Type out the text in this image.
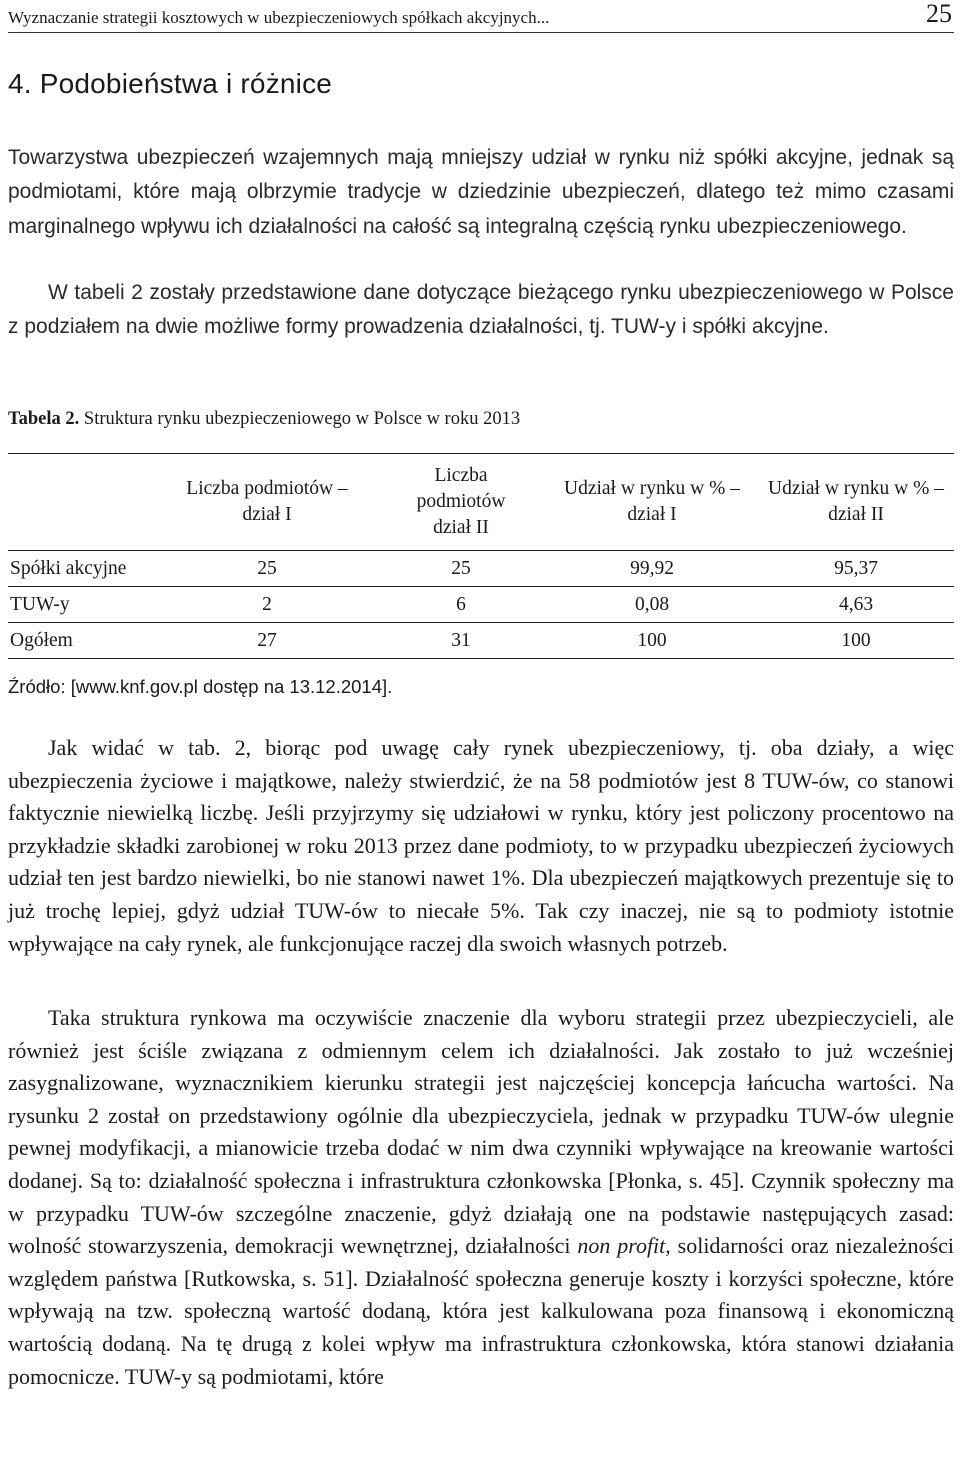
Wyznaczanie strategii kosztowych w ubezpieczeniowych spółkach akcyjnych...	25
4. Podobieństwa i różnice

Towarzystwa ubezpieczeń wzajemnych mają mniejszy udział w rynku niż spółki akcyjne, jednak są podmiotami, które mają olbrzymie tradycje w dziedzinie ubezpieczeń, dlatego też mimo czasami marginalnego wpływu ich działalności na całość są integralną częścią rynku ubezpieczeniowego.

W tabeli 2 zostały przedstawione dane dotyczące bieżącego rynku ubezpieczeniowego w Polsce z podziałem na dwie możliwe formy prowadzenia działalności, tj. TUW-y i spółki akcyjne.

Tabela 2. Struktura rynku ubezpieczeniowego w Polsce w roku 2013

	Liczba podmiotów – dział I	Liczba podmiotów dział II	Udział w rynku w % – dział I	Udział w rynku w % – dział II
Spółki akcyjne	25	25	99,92	95,37
TUW-y	2	6	0,08	4,63
Ogółem	27	31	100	100

Źródło: [www.knf.gov.pl dostęp na 13.12.2014].

Jak widać w tab. 2, biorąc pod uwagę cały rynek ubezpieczeniowy, tj. oba działy, a więc ubezpieczenia życiowe i majątkowe, należy stwierdzić, że na 58 podmiotów jest 8 TUW-ów, co stanowi faktycznie niewielką liczbę. Jeśli przyjrzymy się udziałowi w rynku, który jest policzony procentowo na przykładzie składki zarobionej w roku 2013 przez dane podmioty, to w przypadku ubezpieczeń życiowych udział ten jest bardzo niewielki, bo nie stanowi nawet 1%. Dla ubezpieczeń majątkowych prezentuje się to już trochę lepiej, gdyż udział TUW-ów to niecałe 5%. Tak czy inaczej, nie są to podmioty istotnie wpływające na cały rynek, ale funkcjonujące raczej dla swoich własnych potrzeb.

Taka struktura rynkowa ma oczywiście znaczenie dla wyboru strategii przez ubezpieczycieli, ale również jest ściśle związana z odmiennym celem ich działalności. Jak zostało to już wcześniej zasygnalizowane, wyznacznikiem kierunku strategii jest najczęściej koncepcja łańcucha wartości. Na rysunku 2 został on przedstawiony ogólnie dla ubezpieczyciela, jednak w przypadku TUW-ów ulegnie pewnej modyfikacji, a mianowicie trzeba dodać w nim dwa czynniki wpływające na kreowanie wartości dodanej. Są to: działalność społeczna i infrastruktura członkowska [Płonka, s. 45]. Czynnik społeczny ma w przypadku TUW-ów szczególne znaczenie, gdyż działają one na podstawie następujących zasad: wolność stowarzyszenia, demokracji wewnętrznej, działalności non profit, solidarności oraz niezależności względem państwa [Rutkowska, s. 51]. Działalność społeczna generuje koszty i korzyści społeczne, które wpływają na tzw. społeczną wartość dodaną, która jest kalkulowana poza finansową i ekonomiczną wartością dodaną. Na tę drugą z kolei wpływ ma infrastruktura członkowska, która stanowi działania pomocnicze. TUW-y są podmiotami, które
